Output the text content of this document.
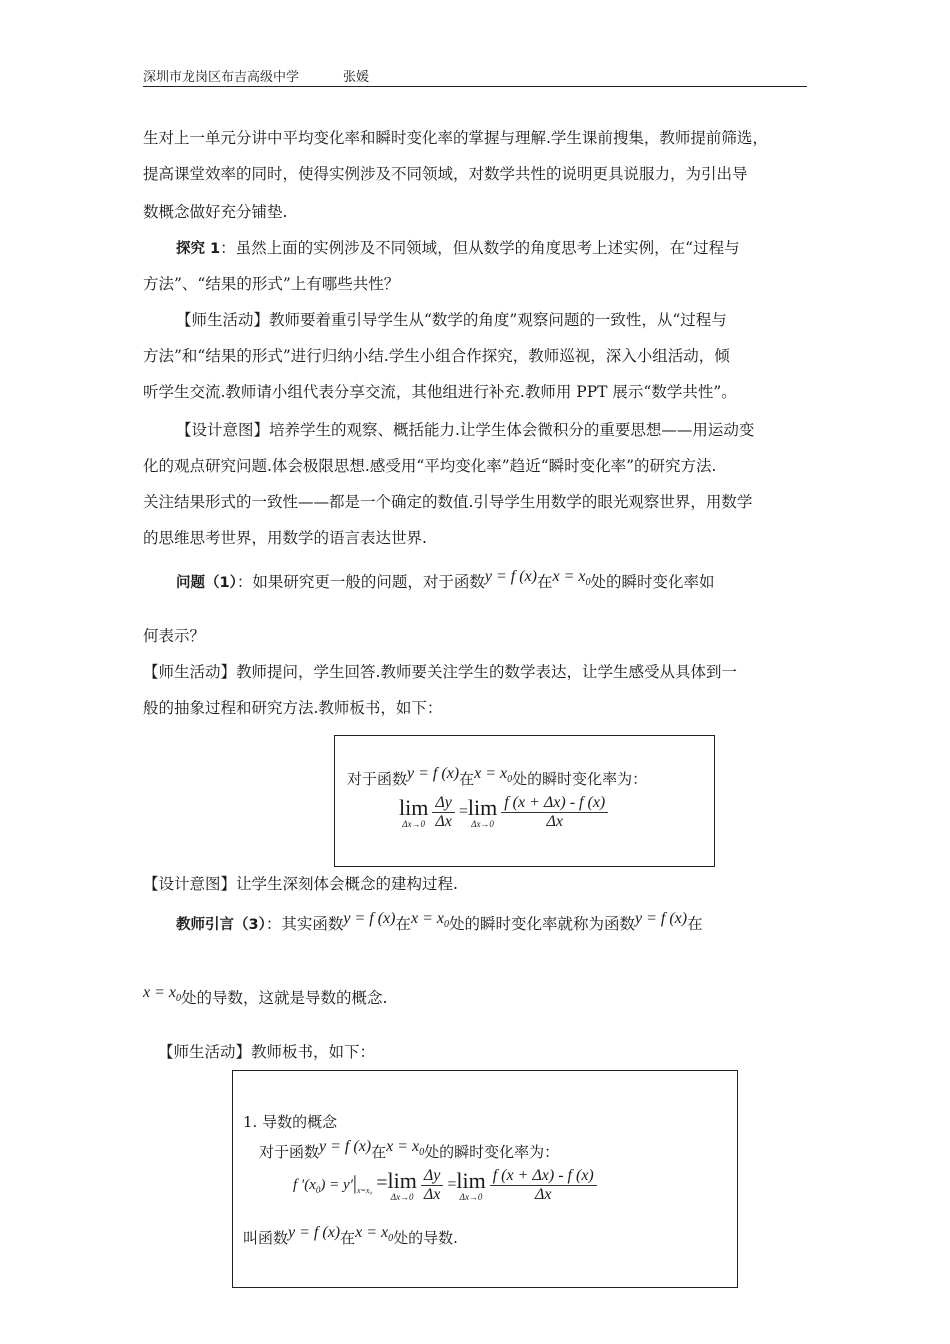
深圳市龙岗区布吉高级中学	张媛
生对上一单元分讲中平均变化率和瞬时变化率的掌握与理解.学生课前搜集，教师提前筛选，
提高课堂效率的同时，使得实例涉及不同领域，对数学共性的说明更具说服力，为引出导
数概念做好充分铺垫.
探究 1：虽然上面的实例涉及不同领域，但从数学的角度思考上述实例，在“过程与
方法”、“结果的形式”上有哪些共性？
【师生活动】教师要着重引导学生从“数学的角度”观察问题的一致性，从“过程与
方法”和“结果的形式”进行归纳小结.学生小组合作探究，教师巡视，深入小组活动，倾
听学生交流.教师请小组代表分享交流，其他组进行补充.教师用 PPT 展示“数学共性”。
【设计意图】培养学生的观察、概括能力.让学生体会微积分的重要思想——用运动变
化的观点研究问题.体会极限思想.感受用“平均变化率”趋近“瞬时变化率”的研究方法.
关注结果形式的一致性——都是一个确定的数值.引导学生用数学的眼光观察世界，用数学
的思维思考世界，用数学的语言表达世界.
问题（1）：如果研究更一般的问题，对于函数y = f (x)在$x = x_0$处的瞬时变化率如
何表示？
【师生活动】教师提问，学生回答.教师要关注学生的数学表达，让学生感受从具体到一
般的抽象过程和研究方法.教师板书，如下：
对于函数y = f (x)在$x = x_0$处的瞬时变化率为：
lim
Δx→0
$\frac{\Delta y}{\Delta x} = \lim$
Δx→0
$\frac{f (x + \Delta x) - f (x)}{\Delta x}$
【设计意图】让学生深刻体会概念的建构过程.
教师引言（3）：其实函数y = f (x)在$x = x_0$处的瞬时变化率就称为函数y = f (x)在
$x = x_0$处的导数，这就是导数的概念.
【师生活动】教师板书，如下：
1. 导数的概念
对于函数y = f (x)在$x = x_0$处的瞬时变化率为：
f $'(x_0) = y'|_{x=x_0} = \lim$
Δx→0
$\frac{\Delta y}{\Delta x} = \lim$
Δx→0
$\frac{f (x + \Delta x) - f (x)}{\Delta x}$
叫函数y = f (x)在$x = x_0$处的导数.
